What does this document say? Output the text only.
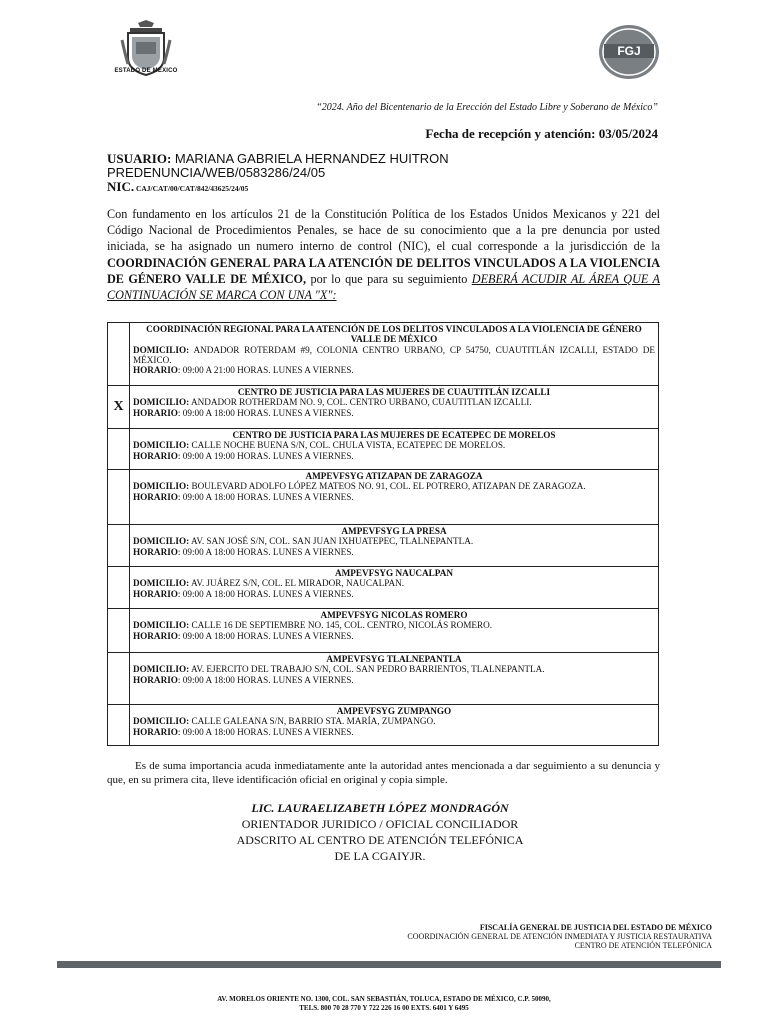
ESTADO DE MÉXICO
FGJ
“2024. Año del Bicentenario de la Erección del Estado Libre y Soberano de México”
Fecha de recepción y atención: 03/05/2024
USUARIO: MARIANA GABRIELA HERNANDEZ HUITRON
PREDENUNCIA/WEB/0583286/24/05
NIC. CAJ/CAT/00/CAT/842/43625/24/05
Con fundamento en los artículos 21 de la Constitución Política de los Estados Unidos Mexicanos y 221 del Código Nacional de Procedimientos Penales, se hace de su conocimiento que a la pre denuncia por usted iniciada, se ha asignado un numero interno de control (NIC), el cual corresponde a la jurisdicción de la COORDINACIÓN GENERAL PARA LA ATENCIÓN DE DELITOS VINCULADOS A LA VIOLENCIA DE GÉNERO VALLE DE MÉXICO, por lo que para su seguimiento DEBERÁ ACUDIR AL ÁREA QUE A CONTINUACIÓN SE MARCA CON UNA "X":

	COORDINACIÓN REGIONAL PARA LA ATENCIÓN DE LOS DELITOS VINCULADOS A LA VIOLENCIA DE GÉNERO VALLE DE MÉXICO
DOMICILIO: ANDADOR ROTERDAM #9, COLONIA CENTRO URBANO, CP 54750, CUAUTITLÁN IZCALLI, ESTADO DE MÉXICO.
HORARIO: 09:00 A 21:00 HORAS. LUNES A VIERNES.

X	CENTRO DE JUSTICIA PARA LAS MUJERES DE CUAUTITLÁN IZCALLI
DOMICILIO: ANDADOR ROTHERDAM NO. 9, COL. CENTRO URBANO, CUAUTITLAN IZCALLI.
HORARIO: 09:00 A 18:00 HORAS. LUNES A VIERNES.

	CENTRO DE JUSTICIA PARA LAS MUJERES DE ECATEPEC DE MORELOS
DOMICILIO: CALLE NOCHE BUENA S/N, COL. CHULA VISTA, ECATEPEC DE MORELOS.
HORARIO: 09:00 A 19:00 HORAS. LUNES A VIERNES.

	AMPEVFSYG ATIZAPAN DE ZARAGOZA
DOMICILIO: BOULEVARD ADOLFO LÓPEZ MATEOS NO. 91, COL. EL POTRERO, ATIZAPAN DE ZARAGOZA.
HORARIO: 09:00 A 18:00 HORAS. LUNES A VIERNES.

	AMPEVFSYG LA PRESA
DOMICILIO: AV. SAN JOSÉ S/N, COL. SAN JUAN IXHUATEPEC, TLALNEPANTLA.
HORARIO: 09:00 A 18:00 HORAS. LUNES A VIERNES.

	AMPEVFSYG NAUCALPAN
DOMICILIO: AV. JUÁREZ S/N, COL. EL MIRADOR, NAUCALPAN.
HORARIO: 09:00 A 18:00 HORAS. LUNES A VIERNES.

	AMPEVFSYG NICOLAS ROMERO
DOMICILIO: CALLE 16 DE SEPTIEMBRE NO. 145, COL. CENTRO, NICOLÁS ROMERO.
HORARIO: 09:00 A 18:00 HORAS. LUNES A VIERNES.

	AMPEVFSYG TLALNEPANTLA
DOMICILIO: AV. EJERCITO DEL TRABAJO S/N, COL. SAN PEDRO BARRIENTOS, TLALNEPANTLA.
HORARIO: 09:00 A 18:00 HORAS. LUNES A VIERNES.

	AMPEVFSYG ZUMPANGO
DOMICILIO: CALLE GALEANA S/N, BARRIO STA. MARÍA, ZUMPANGO.
HORARIO: 09:00 A 18:00 HORAS. LUNES A VIERNES.
Es de suma importancia acuda inmediatamente ante la autoridad antes mencionada a dar seguimiento a su denuncia y que, en su primera cita, lleve identificación oficial en original y copia simple.
LIC. LAURAELIZABETH LÓPEZ MONDRAGÓN
ORIENTADOR JURIDICO / OFICIAL CONCILIADOR
ADSCRITO AL CENTRO DE ATENCIÓN TELEFÓNICA
DE LA CGAIYJR.
FISCALÍA GENERAL DE JUSTICIA DEL ESTADO DE MÉXICO
COORDINACIÓN GENERAL DE ATENCIÓN INMEDIATA Y JUSTICIA RESTAURATIVA
CENTRO DE ATENCIÓN TELEFÓNICA
AV. MORELOS ORIENTE NO. 1300, COL. SAN SEBASTIÁN, TOLUCA, ESTADO DE MÉXICO, C.P. 50090,
TELS. 800 70 28 770 Y 722 226 16 00 EXTS. 6401 Y 6495
